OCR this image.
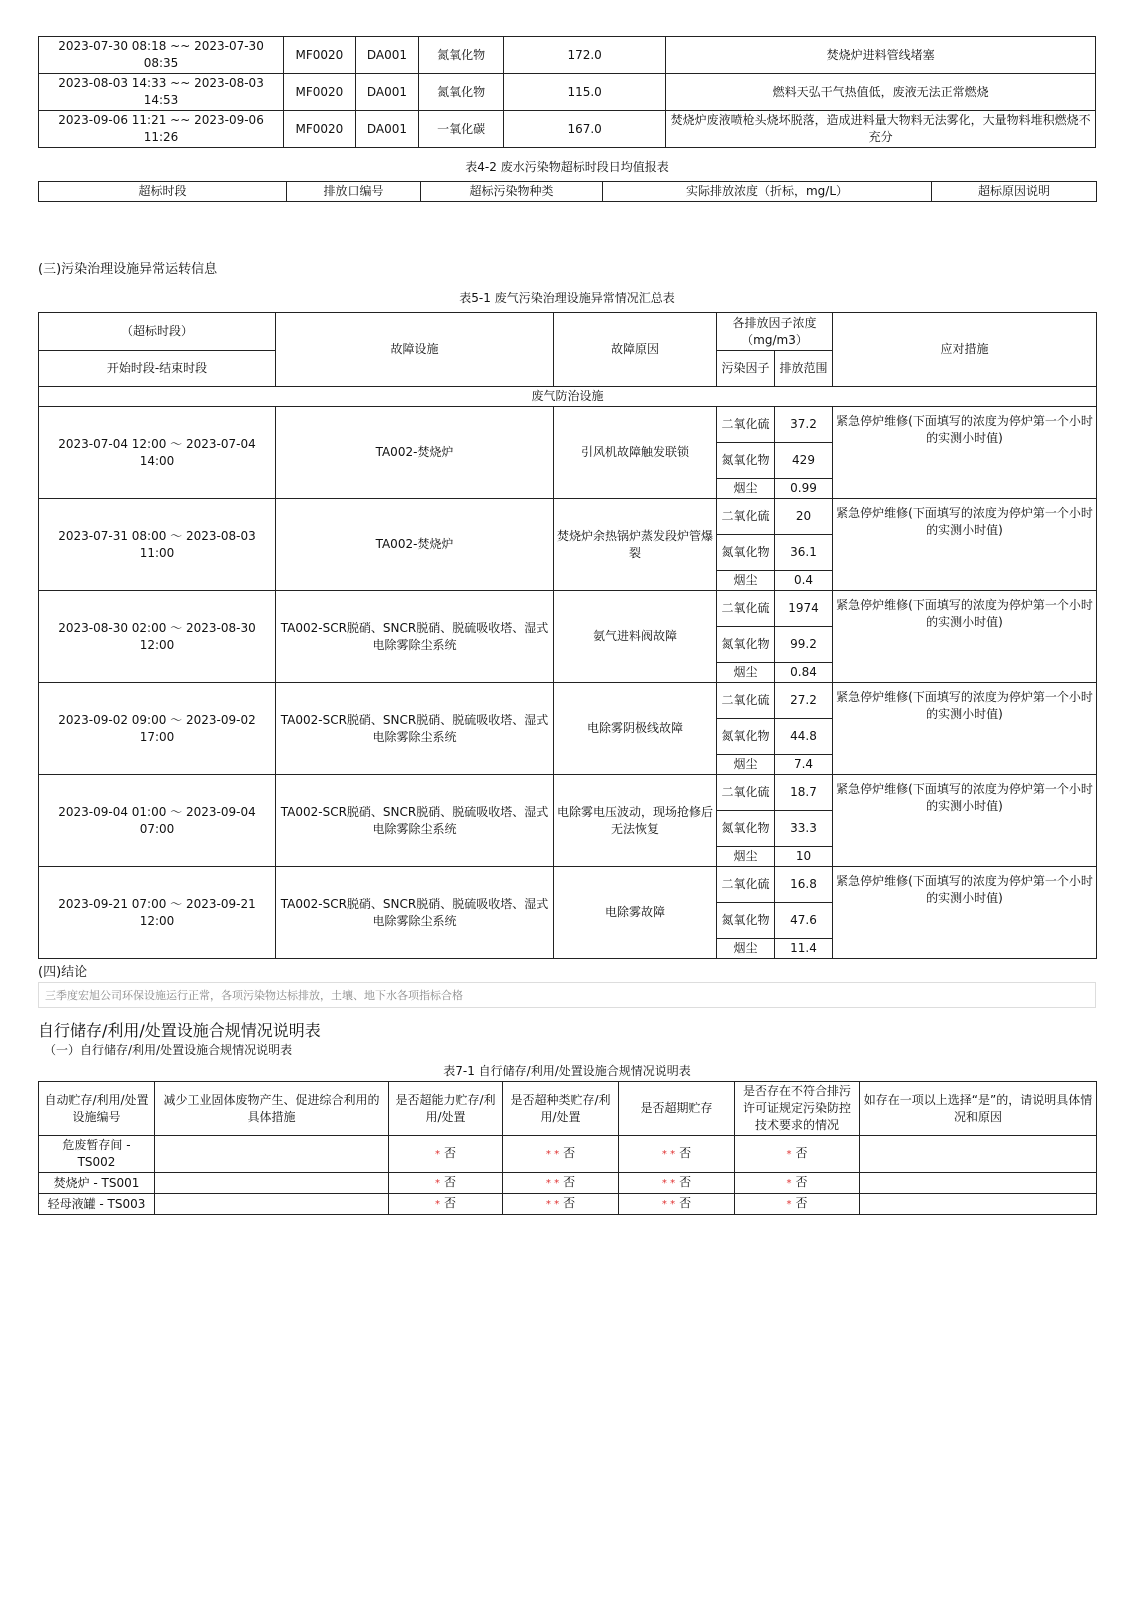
2023-07-30 08:18 ~~ 2023-07-30 08:35	MF0020	DA001	氮氧化物	172.0	焚烧炉进料管线堵塞
2023-08-03 14:33 ~~ 2023-08-03 14:53	MF0020	DA001	氮氧化物	115.0	燃料天弘干气热值低，废液无法正常燃烧
2023-09-06 11:21 ~~ 2023-09-06 11:26	MF0020	DA001	一氧化碳	167.0	焚烧炉废液喷枪头烧坏脱落，造成进料量大物料无法雾化，大量物料堆积燃烧不充分
表4-2 废水污染物超标时段日均值报表
超标时段	排放口编号	超标污染物种类	实际排放浓度（折标，mg/L）	超标原因说明
(三)污染治理设施异常运转信息
表5-1 废气污染治理设施异常情况汇总表
（超标时段）	故障设施	故障原因	各排放因子浓度（mg/m3）		应对措施
开始时段-结束时段			污染因子	排放范围	
废气防治设施					
2023-07-04 12:00 ～ 2023-07-04 14:00	TA002-焚烧炉	引风机故障触发联锁	二氧化硫	37.2	紧急停炉维修(下面填写的浓度为停炉第一个小时的实测小时值)
			氮氧化物	429	
			烟尘	0.99	
2023-07-31 08:00 ～ 2023-08-03 11:00	TA002-焚烧炉	焚烧炉余热锅炉蒸发段炉管爆裂	二氧化硫	20	紧急停炉维修(下面填写的浓度为停炉第一个小时的实测小时值)
			氮氧化物	36.1	
			烟尘	0.4	
2023-08-30 02:00 ～ 2023-08-30 12:00	TA002-SCR脱硝、SNCR脱硝、脱硫吸收塔、湿式电除雾除尘系统	氨气进料阀故障	二氧化硫	1974	紧急停炉维修(下面填写的浓度为停炉第一个小时的实测小时值)
			氮氧化物	99.2	
			烟尘	0.84	
2023-09-02 09:00 ～ 2023-09-02 17:00	TA002-SCR脱硝、SNCR脱硝、脱硫吸收塔、湿式电除雾除尘系统	电除雾阴极线故障	二氧化硫	27.2	紧急停炉维修(下面填写的浓度为停炉第一个小时的实测小时值)
			氮氧化物	44.8	
			烟尘	7.4	
2023-09-04 01:00 ～ 2023-09-04 07:00	TA002-SCR脱硝、SNCR脱硝、脱硫吸收塔、湿式电除雾除尘系统	电除雾电压波动，现场抢修后无法恢复	二氧化硫	18.7	紧急停炉维修(下面填写的浓度为停炉第一个小时的实测小时值)
			氮氧化物	33.3	
			烟尘	10	
2023-09-21 07:00 ～ 2023-09-21 12:00	TA002-SCR脱硝、SNCR脱硝、脱硫吸收塔、湿式电除雾除尘系统	电除雾故障	二氧化硫	16.8	紧急停炉维修(下面填写的浓度为停炉第一个小时的实测小时值)
			氮氧化物	47.6	
			烟尘	11.4	
(四)结论
三季度宏旭公司环保设施运行正常，各项污染物达标排放，土壤、地下水各项指标合格
自行储存/利用/处置设施合规情况说明表
（一）自行储存/利用/处置设施合规情况说明表
表7-1 自行储存/利用/处置设施合规情况说明表
自动贮存/利用/处置设施编号	减少工业固体废物产生、促进综合利用的具体措施	是否超能力贮存/利用/处置	是否超种类贮存/利用/处置	是否超期贮存	是否存在不符合排污许可证规定污染防控技术要求的情况	如存在一项以上选择“是”的，请说明具体情况和原因
危废暂存间 - TS002		* 否	* * 否	* * 否	* 否	
焚烧炉 - TS001		* 否	* * 否	* * 否	* 否	
轻母液罐 - TS003		* 否	* * 否	* * 否	* 否	
